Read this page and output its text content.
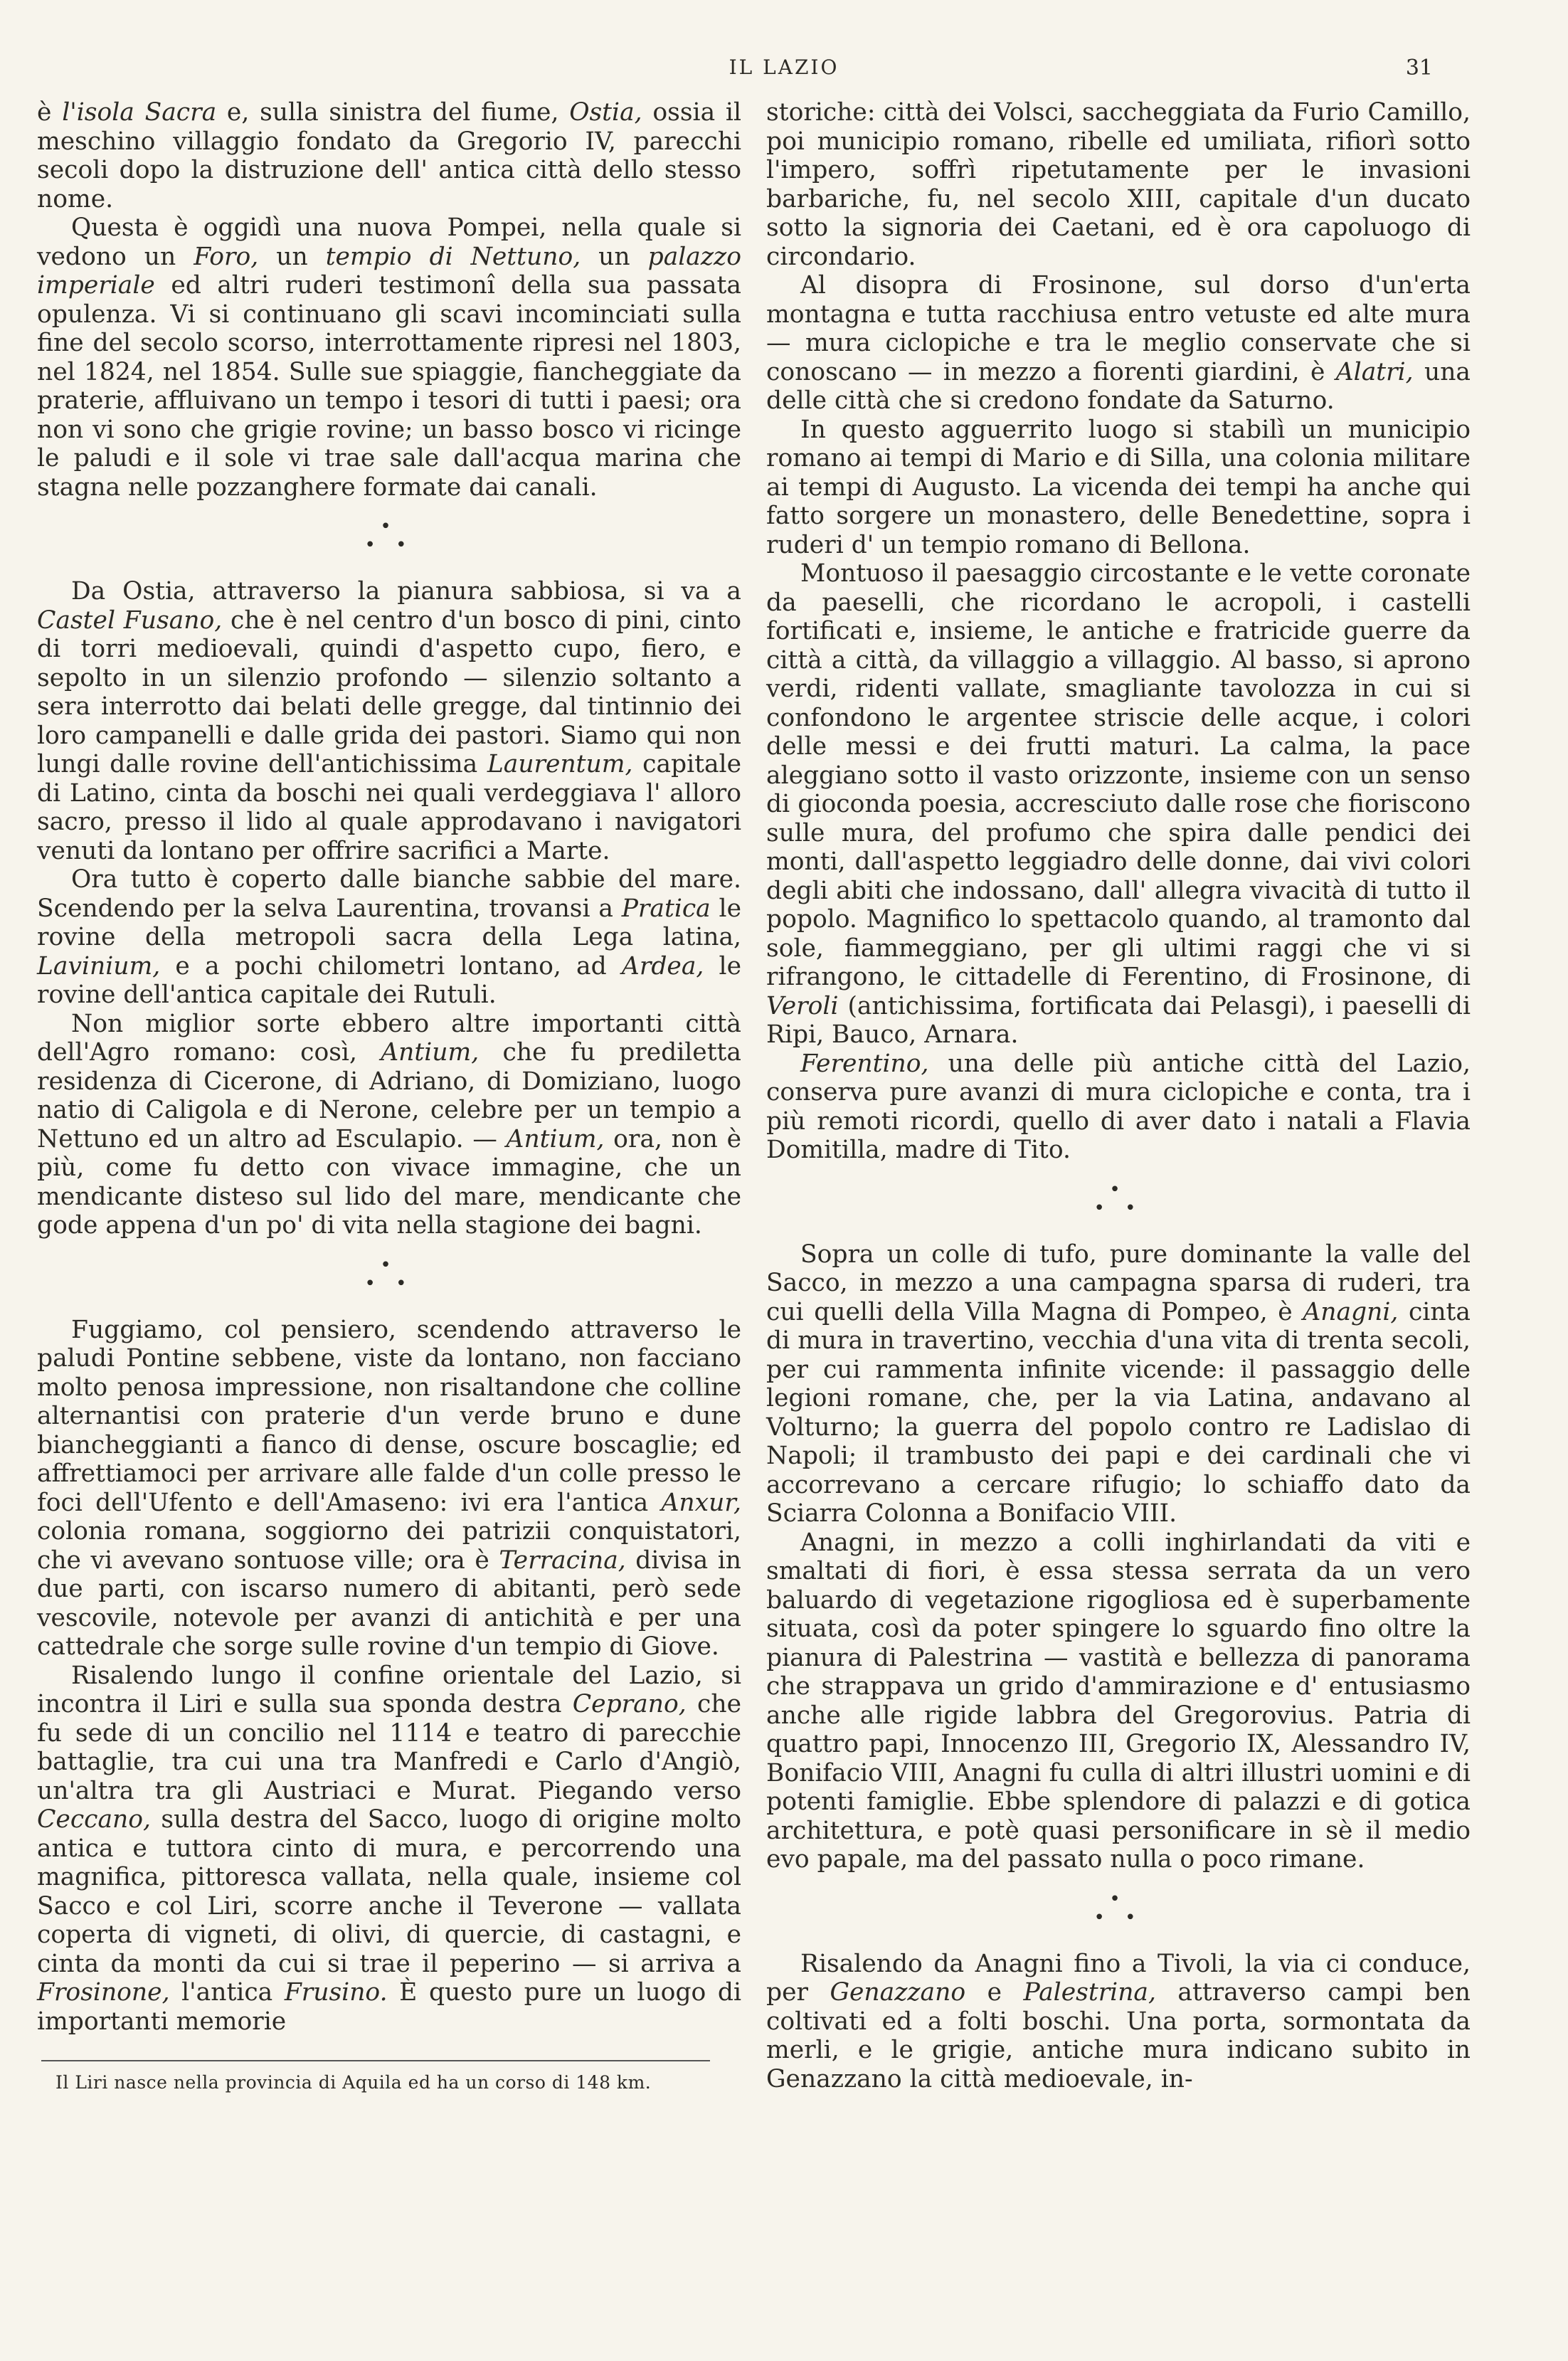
IL LAZIO	31

è l'isola Sacra e, sulla sinistra del fiume, Ostia, ossia il meschino villaggio fondato da Gregorio IV, parecchi secoli dopo la distruzione dell' antica città dello stesso nome.

Questa è oggidì una nuova Pompei, nella quale si vedono un Foro, un tempio di Nettuno, un palazzo imperiale ed altri ruderi testimonî della sua passata opulenza. Vi si continuano gli scavi incominciati sulla fine del secolo scorso, interrottamente ripresi nel 1803, nel 1824, nel 1854. Sulle sue spiaggie, fiancheggiate da praterie, affluivano un tempo i tesori di tutti i paesi; ora non vi sono che grigie rovine; un basso bosco vi ricinge le paludi e il sole vi trae sale dall'acqua marina che stagna nelle pozzanghere formate dai canali.

•
• •

Da Ostia, attraverso la pianura sabbiosa, si va a Castel Fusano, che è nel centro d'un bosco di pini, cinto di torri medioevali, quindi d'aspetto cupo, fiero, e sepolto in un silenzio profondo — silenzio soltanto a sera interrotto dai belati delle gregge, dal tintinnio dei loro campanelli e dalle grida dei pastori. Siamo qui non lungi dalle rovine dell'antichissima Laurentum, capitale di Latino, cinta da boschi nei quali verdeggiava l' alloro sacro, presso il lido al quale approdavano i navigatori venuti da lontano per offrire sacrifici a Marte.

Ora tutto è coperto dalle bianche sabbie del mare. Scendendo per la selva Laurentina, trovansi a Pratica le rovine della metropoli sacra della Lega latina, Lavinium, e a pochi chilometri lontano, ad Ardea, le rovine dell'antica capitale dei Rutuli.

Non miglior sorte ebbero altre importanti città dell'Agro romano: così, Antium, che fu prediletta residenza di Cicerone, di Adriano, di Domiziano, luogo natio di Caligola e di Nerone, celebre per un tempio a Nettuno ed un altro ad Esculapio. — Antium, ora, non è più, come fu detto con vivace immagine, che un mendicante disteso sul lido del mare, mendicante che gode appena d'un po' di vita nella stagione dei bagni.

•
• •

Fuggiamo, col pensiero, scendendo attraverso le paludi Pontine sebbene, viste da lontano, non facciano molto penosa impressione, non risaltandone che colline alternantisi con praterie d'un verde bruno e dune biancheggianti a fianco di dense, oscure boscaglie; ed affrettiamoci per arrivare alle falde d'un colle presso le foci dell'Ufento e dell'Amaseno: ivi era l'antica Anxur, colonia romana, soggiorno dei patrizii conquistatori, che vi avevano sontuose ville; ora è Terracina, divisa in due parti, con iscarso numero di abitanti, però sede vescovile, notevole per avanzi di antichità e per una cattedrale che sorge sulle rovine d'un tempio di Giove.

Risalendo lungo il confine orientale del Lazio, si incontra il Liri e sulla sua sponda destra Ceprano, che fu sede di un concilio nel 1114 e teatro di parecchie battaglie, tra cui una tra Manfredi e Carlo d'Angiò, un'altra tra gli Austriaci e Murat. Piegando verso Ceccano, sulla destra del Sacco, luogo di origine molto antica e tuttora cinto di mura, e percorrendo una magnifica, pittoresca vallata, nella quale, insieme col Sacco e col Liri, scorre anche il Teverone — vallata coperta di vigneti, di olivi, di quercie, di castagni, e cinta da monti da cui si trae il peperino — si arriva a Frosinone, l'antica Frusino. È questo pure un luogo di importanti memorie

Il Liri nasce nella provincia di Aquila ed ha un corso di 148 km.

storiche: città dei Volsci, saccheggiata da Furio Camillo, poi municipio romano, ribelle ed umiliata, rifiorì sotto l'impero, soffrì ripetutamente per le invasioni barbariche, fu, nel secolo XIII, capitale d'un ducato sotto la signoria dei Caetani, ed è ora capoluogo di circondario.

Al disopra di Frosinone, sul dorso d'un'erta montagna e tutta racchiusa entro vetuste ed alte mura — mura ciclopiche e tra le meglio conservate che si conoscano — in mezzo a fiorenti giardini, è Alatri, una delle città che si credono fondate da Saturno.

In questo agguerrito luogo si stabilì un municipio romano ai tempi di Mario e di Silla, una colonia militare ai tempi di Augusto. La vicenda dei tempi ha anche qui fatto sorgere un monastero, delle Benedettine, sopra i ruderi d' un tempio romano di Bellona.

Montuoso il paesaggio circostante e le vette coronate da paeselli, che ricordano le acropoli, i castelli fortificati e, insieme, le antiche e fratricide guerre da città a città, da villaggio a villaggio. Al basso, si aprono verdi, ridenti vallate, smagliante tavolozza in cui si confondono le argentee striscie delle acque, i colori delle messi e dei frutti maturi. La calma, la pace aleggiano sotto il vasto orizzonte, insieme con un senso di gioconda poesia, accresciuto dalle rose che fioriscono sulle mura, del profumo che spira dalle pendici dei monti, dall'aspetto leggiadro delle donne, dai vivi colori degli abiti che indossano, dall' allegra vivacità di tutto il popolo. Magnifico lo spettacolo quando, al tramonto dal sole, fiammeggiano, per gli ultimi raggi che vi si rifrangono, le cittadelle di Ferentino, di Frosinone, di Veroli (antichissima, fortificata dai Pelasgi), i paeselli di Ripi, Bauco, Arnara.

Ferentino, una delle più antiche città del Lazio, conserva pure avanzi di mura ciclopiche e conta, tra i più remoti ricordi, quello di aver dato i natali a Flavia Domitilla, madre di Tito.

•
• •

Sopra un colle di tufo, pure dominante la valle del Sacco, in mezzo a una campagna sparsa di ruderi, tra cui quelli della Villa Magna di Pompeo, è Anagni, cinta di mura in travertino, vecchia d'una vita di trenta secoli, per cui rammenta infinite vicende: il passaggio delle legioni romane, che, per la via Latina, andavano al Volturno; la guerra del popolo contro re Ladislao di Napoli; il trambusto dei papi e dei cardinali che vi accorrevano a cercare rifugio; lo schiaffo dato da Sciarra Colonna a Bonifacio VIII.

Anagni, in mezzo a colli inghirlandati da viti e smaltati di fiori, è essa stessa serrata da un vero baluardo di vegetazione rigogliosa ed è superbamente situata, così da poter spingere lo sguardo fino oltre la pianura di Palestrina — vastità e bellezza di panorama che strappava un grido d'ammirazione e d' entusiasmo anche alle rigide labbra del Gregorovius. Patria di quattro papi, Innocenzo III, Gregorio IX, Alessandro IV, Bonifacio VIII, Anagni fu culla di altri illustri uomini e di potenti famiglie. Ebbe splendore di palazzi e di gotica architettura, e potè quasi personificare in sè il medio evo papale, ma del passato nulla o poco rimane.

•
• •

Risalendo da Anagni fino a Tivoli, la via ci conduce, per Genazzano e Palestrina, attraverso campi ben coltivati ed a folti boschi. Una porta, sormontata da merli, e le grigie, antiche mura indicano subito in Genazzano la città medioevale, in-
